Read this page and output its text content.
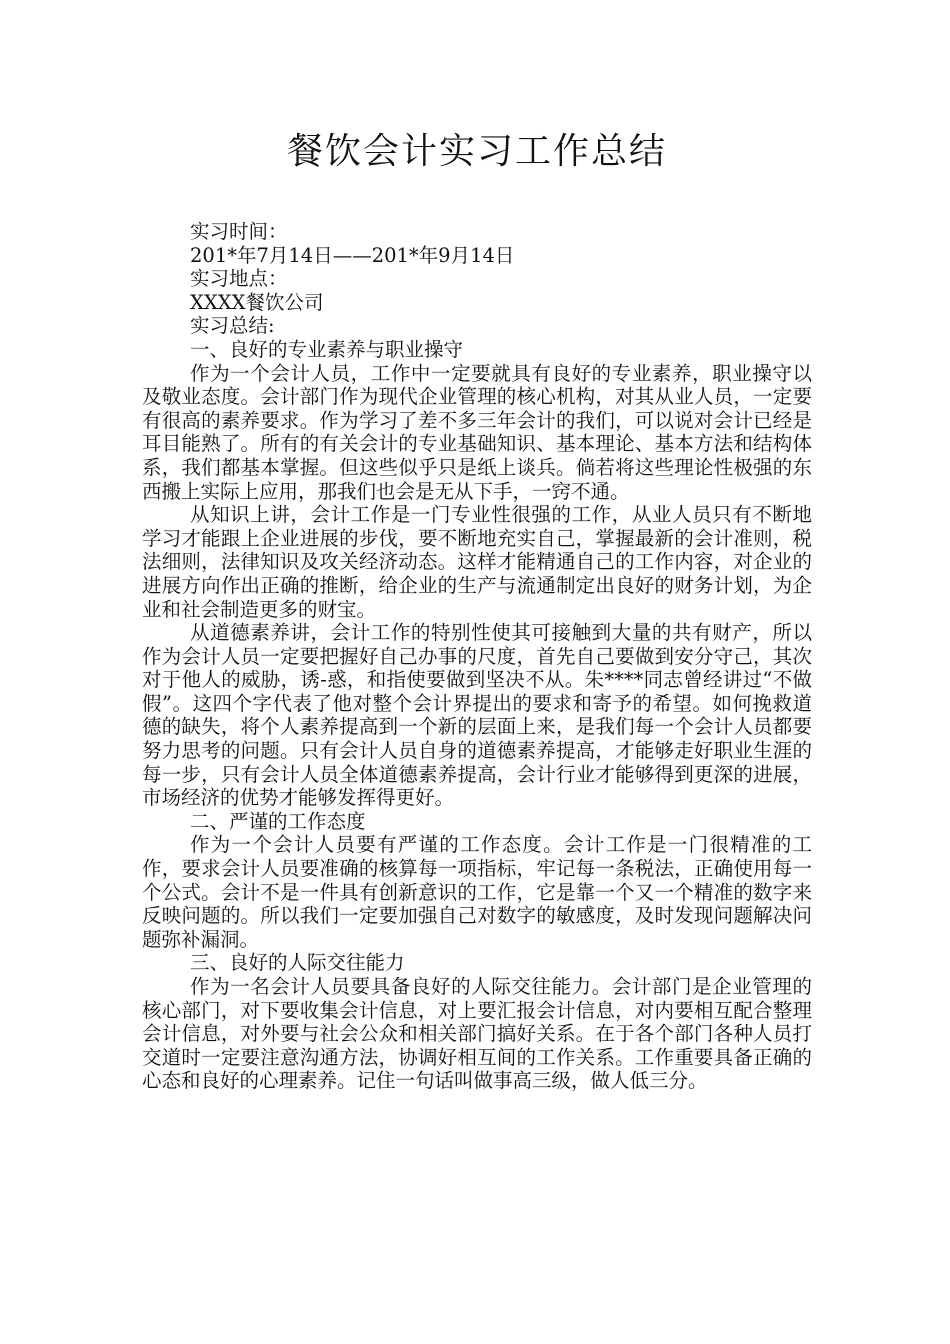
餐饮会计实习工作总结

实习时间：

201*年7月14日——201*年9月14日

实习地点：

XXXX餐饮公司

实习总结:

一、良好的专业素养与职业操守

作为一个会计人员，工作中一定要就具有良好的专业素养，职业操守以及敬业态度。会计部门作为现代企业管理的核心机构，对其从业人员，一定要有很高的素养要求。作为学习了差不多三年会计的我们，可以说对会计已经是耳目能熟了。所有的有关会计的专业基础知识、基本理论、基本方法和结构体系，我们都基本掌握。但这些似乎只是纸上谈兵。倘若将这些理论性极强的东西搬上实际上应用，那我们也会是无从下手，一窍不通。

从知识上讲，会计工作是一门专业性很强的工作，从业人员只有不断地学习才能跟上企业进展的步伐，要不断地充实自己，掌握最新的会计准则，税法细则，法律知识及攻关经济动态。这样才能精通自己的工作内容，对企业的进展方向作出正确的推断，给企业的生产与流通制定出良好的财务计划，为企业和社会制造更多的财宝。

从道德素养讲，会计工作的特别性使其可接触到大量的共有财产，所以作为会计人员一定要把握好自己办事的尺度，首先自己要做到安分守己，其次对于他人的威胁，诱-惑，和指使要做到坚决不从。朱****同志曾经讲过“不做假”。这四个字代表了他对整个会计界提出的要求和寄予的希望。如何挽救道德的缺失，将个人素养提高到一个新的层面上来，是我们每一个会计人员都要努力思考的问题。只有会计人员自身的道德素养提高，才能够走好职业生涯的每一步，只有会计人员全体道德素养提高，会计行业才能够得到更深的进展，市场经济的优势才能够发挥得更好。

二、严谨的工作态度

作为一个会计人员要有严谨的工作态度。会计工作是一门很精准的工作，要求会计人员要准确的核算每一项指标，牢记每一条税法，正确使用每一个公式。会计不是一件具有创新意识的工作，它是靠一个又一个精准的数字来反映问题的。所以我们一定要加强自己对数字的敏感度，及时发现问题解决问题弥补漏洞。

三、良好的人际交往能力

作为一名会计人员要具备良好的人际交往能力。会计部门是企业管理的核心部门，对下要收集会计信息，对上要汇报会计信息，对内要相互配合整理会计信息，对外要与社会公众和相关部门搞好关系。在于各个部门各种人员打交道时一定要注意沟通方法，协调好相互间的工作关系。工作重要具备正确的心态和良好的心理素养。记住一句话叫做事高三级，做人低三分。
